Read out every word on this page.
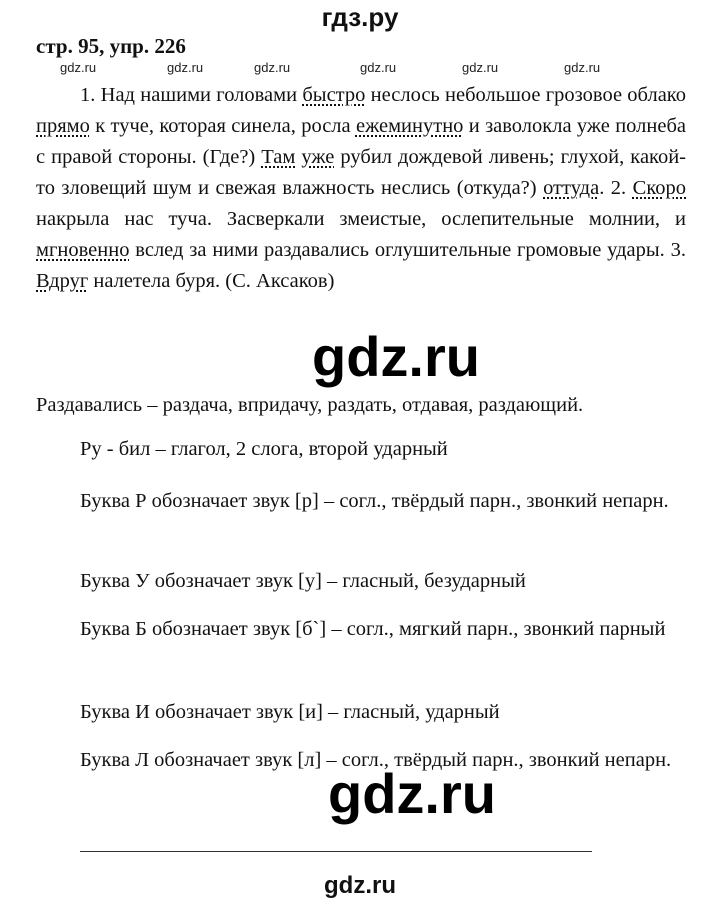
гдз.ру
стр. 95, упр. 226
gdz.ru	gdz.ru	gdz.ru	gdz.ru	gdz.ru	gdz.ru
1. Над нашими головами быстро неслось небольшое грозовое облако прямо к туче, которая синела, росла ежеминутно и заволокла уже полнеба с правой стороны. (Где?) Там уже рубил дождевой ливень; глухой, какой-то зловещий шум и свежая влажность неслись (откуда?) оттуда. 2. Скоро накрыла нас туча. Засверкали змеистые, ослепительные молнии, и мгновенно вслед за ними раздавались оглушительные громовые удары. 3. Вдруг налетела буря. (С. Аксаков)
gdz.ru
Раздавались – раздача, впридачу, раздать, отдавая, раздающий.
Ру - бил – глагол, 2 слога, второй ударный
Буква Р обозначает звук [р] – согл., твёрдый парн., звонкий непарн.
Буква У обозначает звук [у] – гласный, безударный
Буква Б обозначает звук [б`] – согл., мягкий парн., звонкий парный
Буква И обозначает звук [и] – гласный, ударный
Буква Л обозначает звук [л] – согл., твёрдый парн., звонкий непарн.
gdz.ru
gdz.ru
